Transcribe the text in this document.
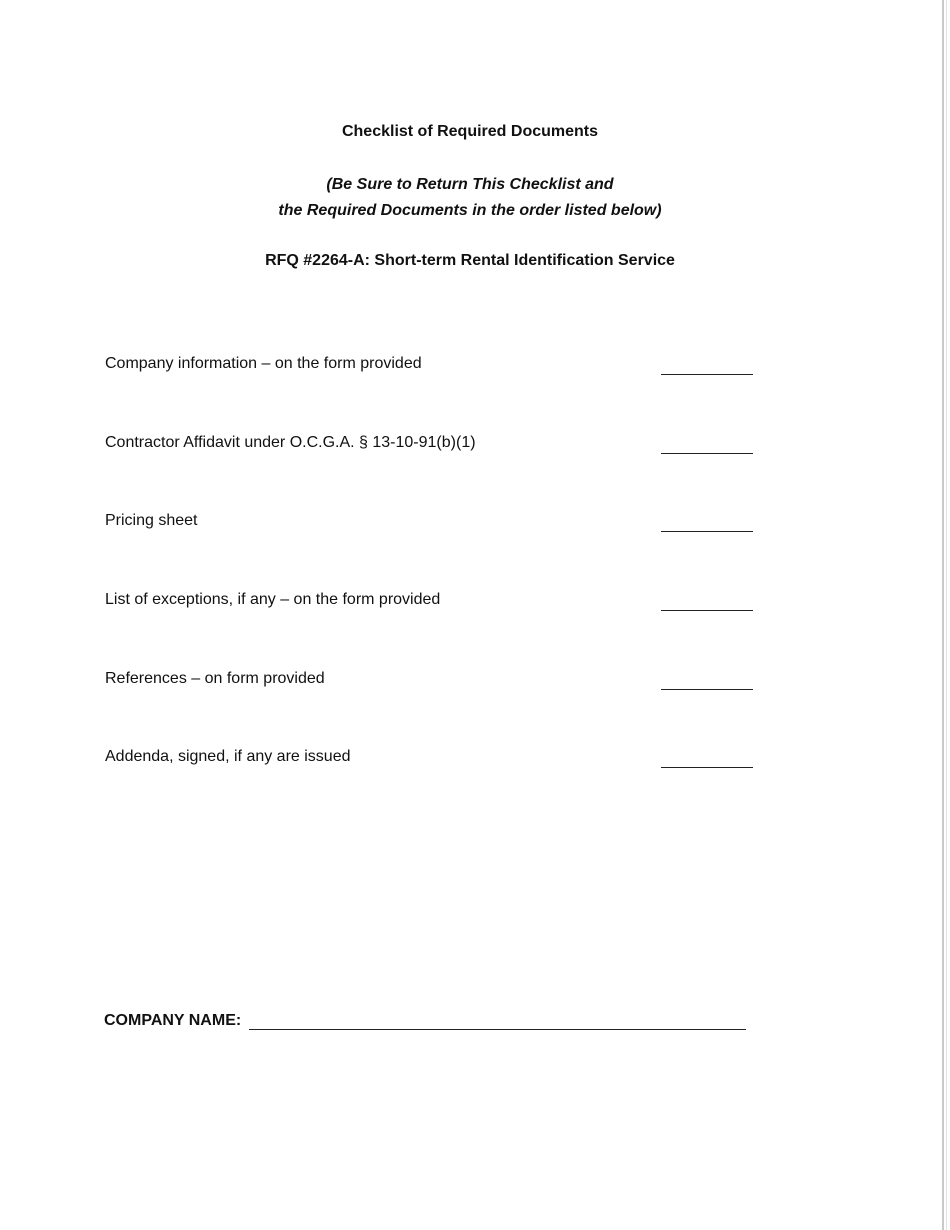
Checklist of Required Documents
(Be Sure to Return This Checklist and
the Required Documents in the order listed below)
RFQ #2264-A: Short-term Rental Identification Service
Company information – on the form provided
Contractor Affidavit under O.C.G.A. § 13-10-91(b)(1)
Pricing sheet
List of exceptions, if any – on the form provided
References – on form provided
Addenda, signed, if any are issued
COMPANY NAME:
